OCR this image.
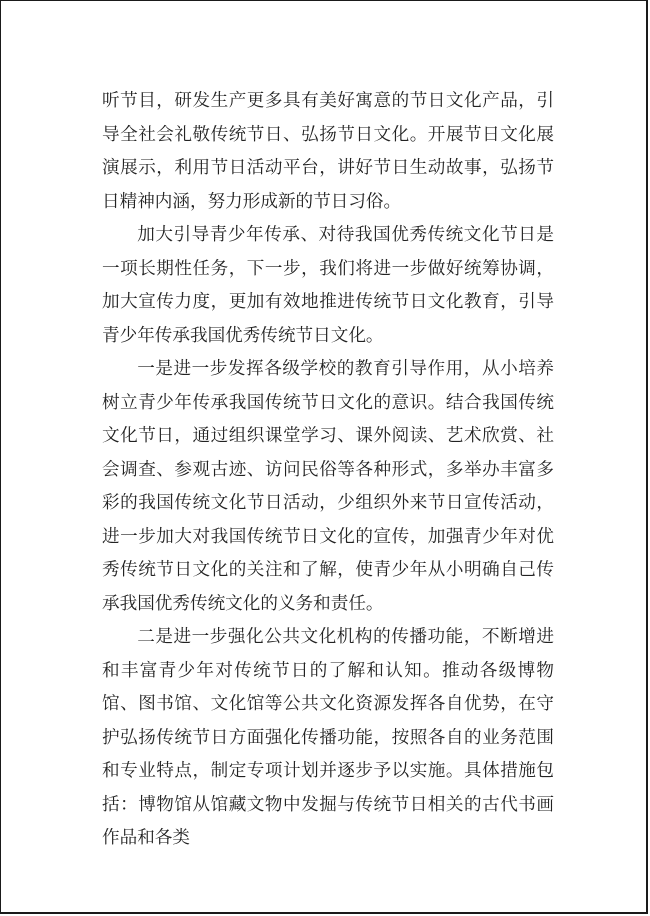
听节目，研发生产更多具有美好寓意的节日文化产品，引导全社会礼敬传统节日、弘扬节日文化。开展节日文化展演展示，利用节日活动平台，讲好节日生动故事，弘扬节日精神内涵，努力形成新的节日习俗。

加大引导青少年传承、对待我国优秀传统文化节日是一项长期性任务，下一步，我们将进一步做好统筹协调，加大宣传力度，更加有效地推进传统节日文化教育，引导青少年传承我国优秀传统节日文化。

一是进一步发挥各级学校的教育引导作用，从小培养树立青少年传承我国传统节日文化的意识。结合我国传统文化节日，通过组织课堂学习、课外阅读、艺术欣赏、社会调查、参观古迹、访问民俗等各种形式，多举办丰富多彩的我国传统文化节日活动，少组织外来节日宣传活动，进一步加大对我国传统节日文化的宣传，加强青少年对优秀传统节日文化的关注和了解，使青少年从小明确自己传承我国优秀传统文化的义务和责任。

二是进一步强化公共文化机构的传播功能，不断增进和丰富青少年对传统节日的了解和认知。推动各级博物馆、图书馆、文化馆等公共文化资源发挥各自优势，在守护弘扬传统节日方面强化传播功能，按照各自的业务范围和专业特点，制定专项计划并逐步予以实施。具体措施包括：博物馆从馆藏文物中发掘与传统节日相关的古代书画作品和各类
